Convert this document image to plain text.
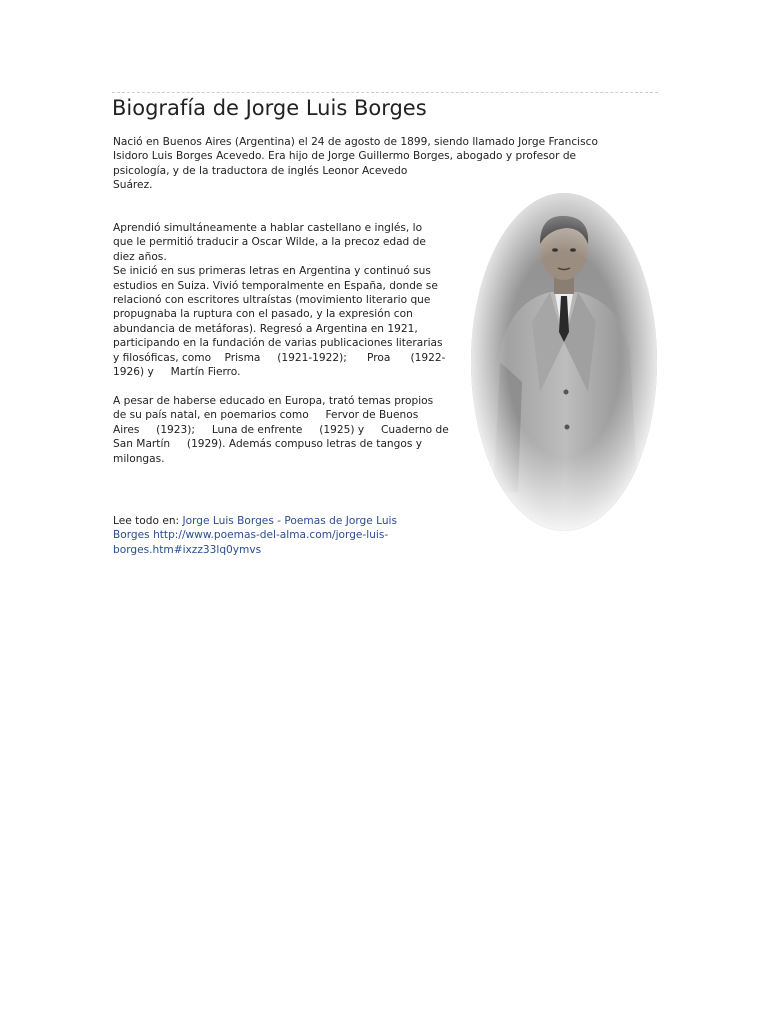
Biografía de Jorge Luis Borges

Nació en Buenos Aires (Argentina) el 24 de agosto de 1899, siendo llamado Jorge Francisco
Isidoro Luis Borges Acevedo. Era hijo de Jorge Guillermo Borges, abogado y profesor de
psicología, y de la traductora de inglés Leonor Acevedo
Suárez.

Aprendió simultáneamente a hablar castellano e inglés, lo
que le permitió traducir a Oscar Wilde, a la precoz edad de
diez años.
Se inició en sus primeras letras en Argentina y continuó sus
estudios en Suiza. Vivió temporalmente en España, donde se
relacionó con escritores ultraístas (movimiento literario que
propugnaba la ruptura con el pasado, y la expresión con
abundancia de metáforas). Regresó a Argentina en 1921,
participando en la fundación de varias publicaciones literarias
y filosóficas, como    Prisma     (1921-1922);      Proa      (1922-
1926) y     Martín Fierro.

A pesar de haberse educado en Europa, trató temas propios
de su país natal, en poemarios como     Fervor de Buenos
Aires     (1923);     Luna de enfrente     (1925) y     Cuaderno de
San Martín     (1929). Además compuso letras de tangos y
milongas.

Lee todo en: Jorge Luis Borges - Poemas de Jorge Luis
Borges http://www.poemas-del-alma.com/jorge-luis-
borges.htm#ixzz33lq0ymvs
